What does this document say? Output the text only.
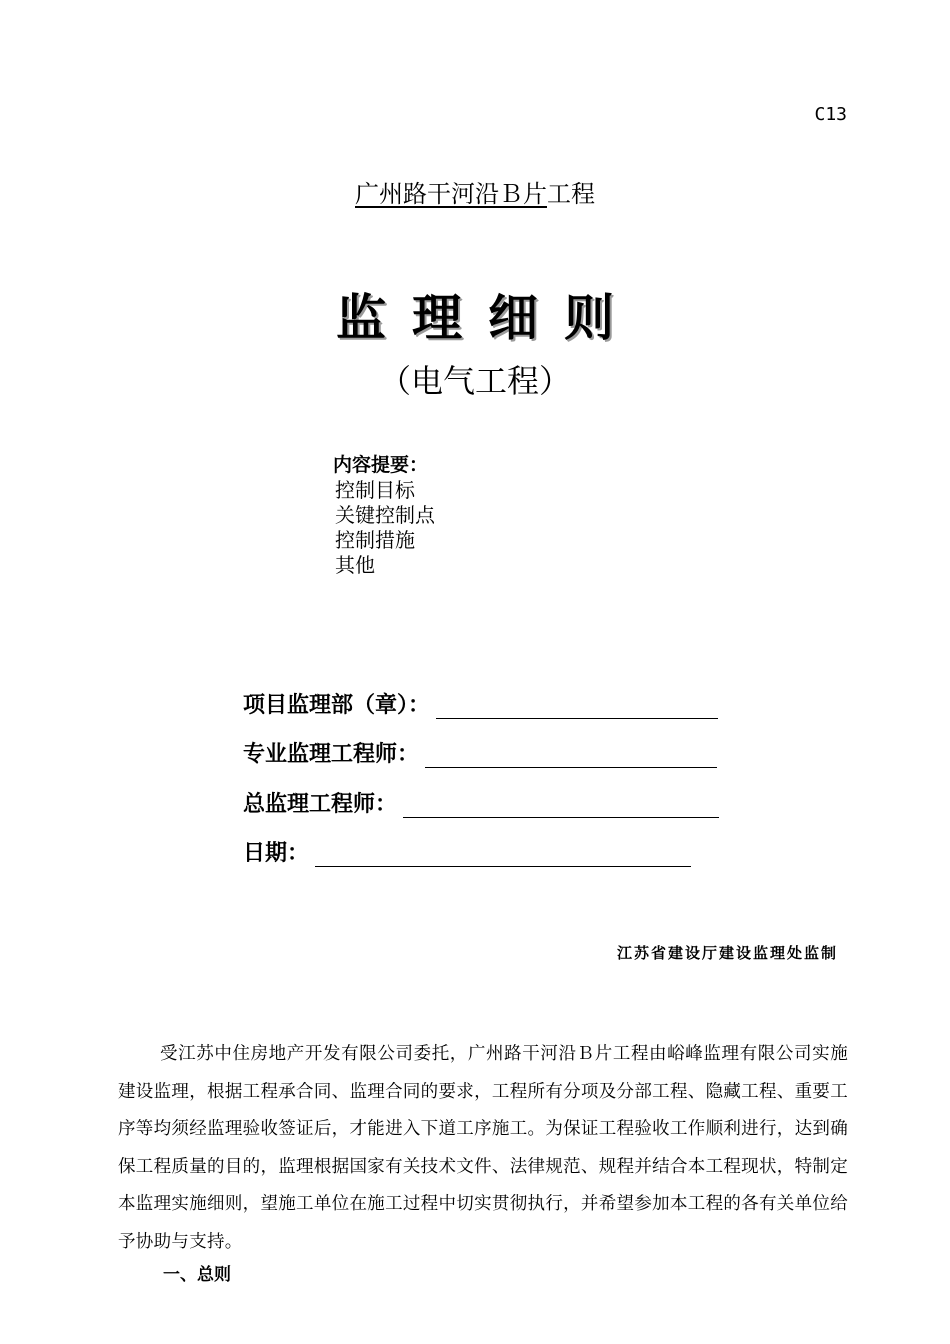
C13
广州路干河沿Ｂ片工程
监理细则
（电气工程）
内容提要：
控制目标
关键控制点
控制措施
其他
项目监理部（章）：
专业监理工程师：
总监理工程师：
日期：
江苏省建设厅建设监理处监制
受江苏中住房地产开发有限公司委托，广州路干河沿Ｂ片工程由峪峰监理有限公司实施建设监理，根据工程承合同、监理合同的要求，工程所有分项及分部工程、隐藏工程、重要工序等均须经监理验收签证后，才能进入下道工序施工。为保证工程验收工作顺利进行，达到确保工程质量的目的，监理根据国家有关技术文件、法律规范、规程并结合本工程现状，特制定本监理实施细则，望施工单位在施工过程中切实贯彻执行，并希望参加本工程的各有关单位给予协助与支持。
一、总则
